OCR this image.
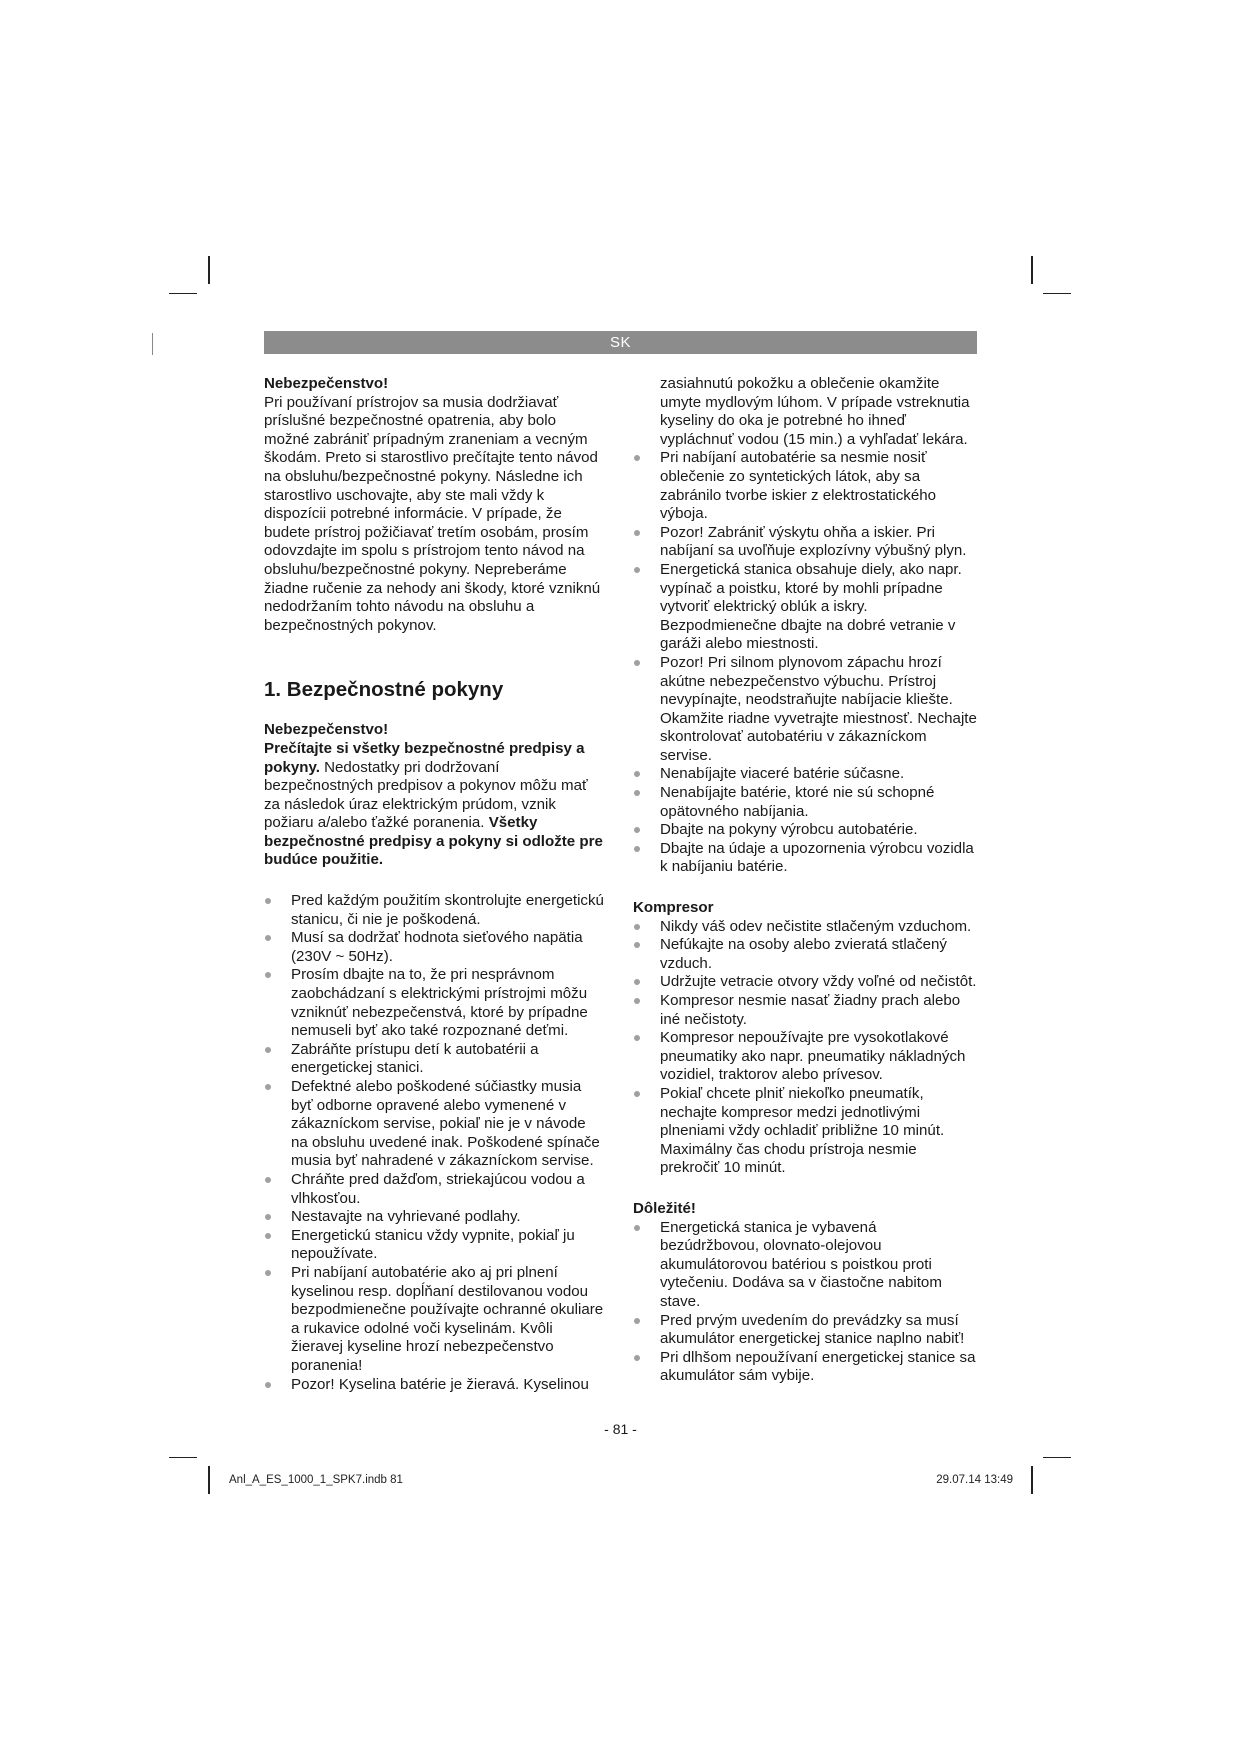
SK

Nebezpečenstvo!

Pri používaní prístrojov sa musia dodržiavať príslušné bezpečnostné opatrenia, aby bolo možné zabrániť prípadným zraneniam a vecným škodám. Preto si starostlivo prečítajte tento návod na obsluhu/bezpečnostné pokyny. Následne ich starostlivo uschovajte, aby ste mali vždy k dispozícii potrebné informácie. V prípade, že budete prístroj požičiavať tretím osobám, prosím odovzdajte im spolu s prístrojom tento návod na obsluhu/bezpečnostné pokyny. Nepreberáme žiadne ručenie za nehody ani škody, ktoré vzniknú nedodržaním tohto návodu na obsluhu a bezpečnostných pokynov.

1. Bezpečnostné pokyny

Nebezpečenstvo!

Prečítajte si všetky bezpečnostné predpisy a pokyny. Nedostatky pri dodržovaní bezpečnostných predpisov a pokynov môžu mať za následok úraz elektrickým prúdom, vznik požiaru a/alebo ťažké poranenia. Všetky bezpečnostné predpisy a pokyny si odložte pre budúce použitie.

Pred každým použitím skontrolujte energetickú stanicu, či nie je poškodená.
Musí sa dodržať hodnota sieťového napätia (230V ~ 50Hz).
Prosím dbajte na to, že pri nesprávnom zaobchádzaní s elektrickými prístrojmi môžu vzniknúť nebezpečenstvá, ktoré by prípadne nemuseli byť ako také rozpoznané deťmi.
Zabráňte prístupu detí k autobatérii a energetickej stanici.
Defektné alebo poškodené súčiastky musia byť odborne opravené alebo vymenené v zákazníckom servise, pokiaľ nie je v návode na obsluhu uvedené inak. Poškodené spínače musia byť nahradené v zákazníckom servise.
Chráňte pred dažďom, striekajúcou vodou a vlhkosťou.
Nestavajte na vyhrievané podlahy.
Energetickú stanicu vždy vypnite, pokiaľ ju nepoužívate.
Pri nabíjaní autobatérie ako aj pri plnení kyselinou resp. dopĺňaní destilovanou vodou bezpodmienečne používajte ochranné okuliare a rukavice odolné voči kyselinám. Kvôli žieravej kyseline hrozí nebezpečenstvo poranenia!
Pozor! Kyselina batérie je žieravá. Kyselinou

zasiahnutú pokožku a oblečenie okamžite umyte mydlovým lúhom. V prípade vstreknutia kyseliny do oka je potrebné ho ihneď vypláchnuť vodou (15 min.) a vyhľadať lekára.

Pri nabíjaní autobatérie sa nesmie nosiť oblečenie zo syntetických látok, aby sa zabránilo tvorbe iskier z elektrostatického výboja.
Pozor! Zabrániť výskytu ohňa a iskier. Pri nabíjaní sa uvoľňuje explozívny výbušný plyn.
Energetická stanica obsahuje diely, ako napr. vypínač a poistku, ktoré by mohli prípadne vytvoriť elektrický oblúk a iskry. Bezpodmienečne dbajte na dobré vetranie v garáži alebo miestnosti.
Pozor! Pri silnom plynovom zápachu hrozí akútne nebezpečenstvo výbuchu. Prístroj nevypínajte, neodstraňujte nabíjacie kliešte. Okamžite riadne vyvetrajte miestnosť. Nechajte skontrolovať autobatériu v zákazníckom servise.
Nenabíjajte viaceré batérie súčasne.
Nenabíjajte batérie, ktoré nie sú schopné opätovného nabíjania.
Dbajte na pokyny výrobcu autobatérie.
Dbajte na údaje a upozornenia výrobcu vozidla k nabíjaniu batérie.

Kompresor

Nikdy váš odev nečistite stlačeným vzduchom.
Nefúkajte na osoby alebo zvieratá stlačený vzduch.
Udržujte vetracie otvory vždy voľné od nečistôt.
Kompresor nesmie nasať žiadny prach alebo iné nečistoty.
Kompresor nepoužívajte pre vysokotlakové pneumatiky ako napr. pneumatiky nákladných vozidiel, traktorov alebo prívesov.
Pokiaľ chcete plniť niekoľko pneumatík, nechajte kompresor medzi jednotlivými plneniami vždy ochladiť približne 10 minút. Maximálny čas chodu prístroja nesmie prekročiť 10 minút.

Dôležité!

Energetická stanica je vybavená bezúdržbovou, olovnato-olejovou akumulátorovou batériou s poistkou proti vytečeniu. Dodáva sa v čiastočne nabitom stave.
Pred prvým uvedením do prevádzky sa musí akumulátor energetickej stanice naplno nabiť!
Pri dlhšom nepoužívaní energetickej stanice sa akumulátor sám vybije.
- 81 -
Anl_A_ES_1000_1_SPK7.indb 81	29.07.14 13:49
